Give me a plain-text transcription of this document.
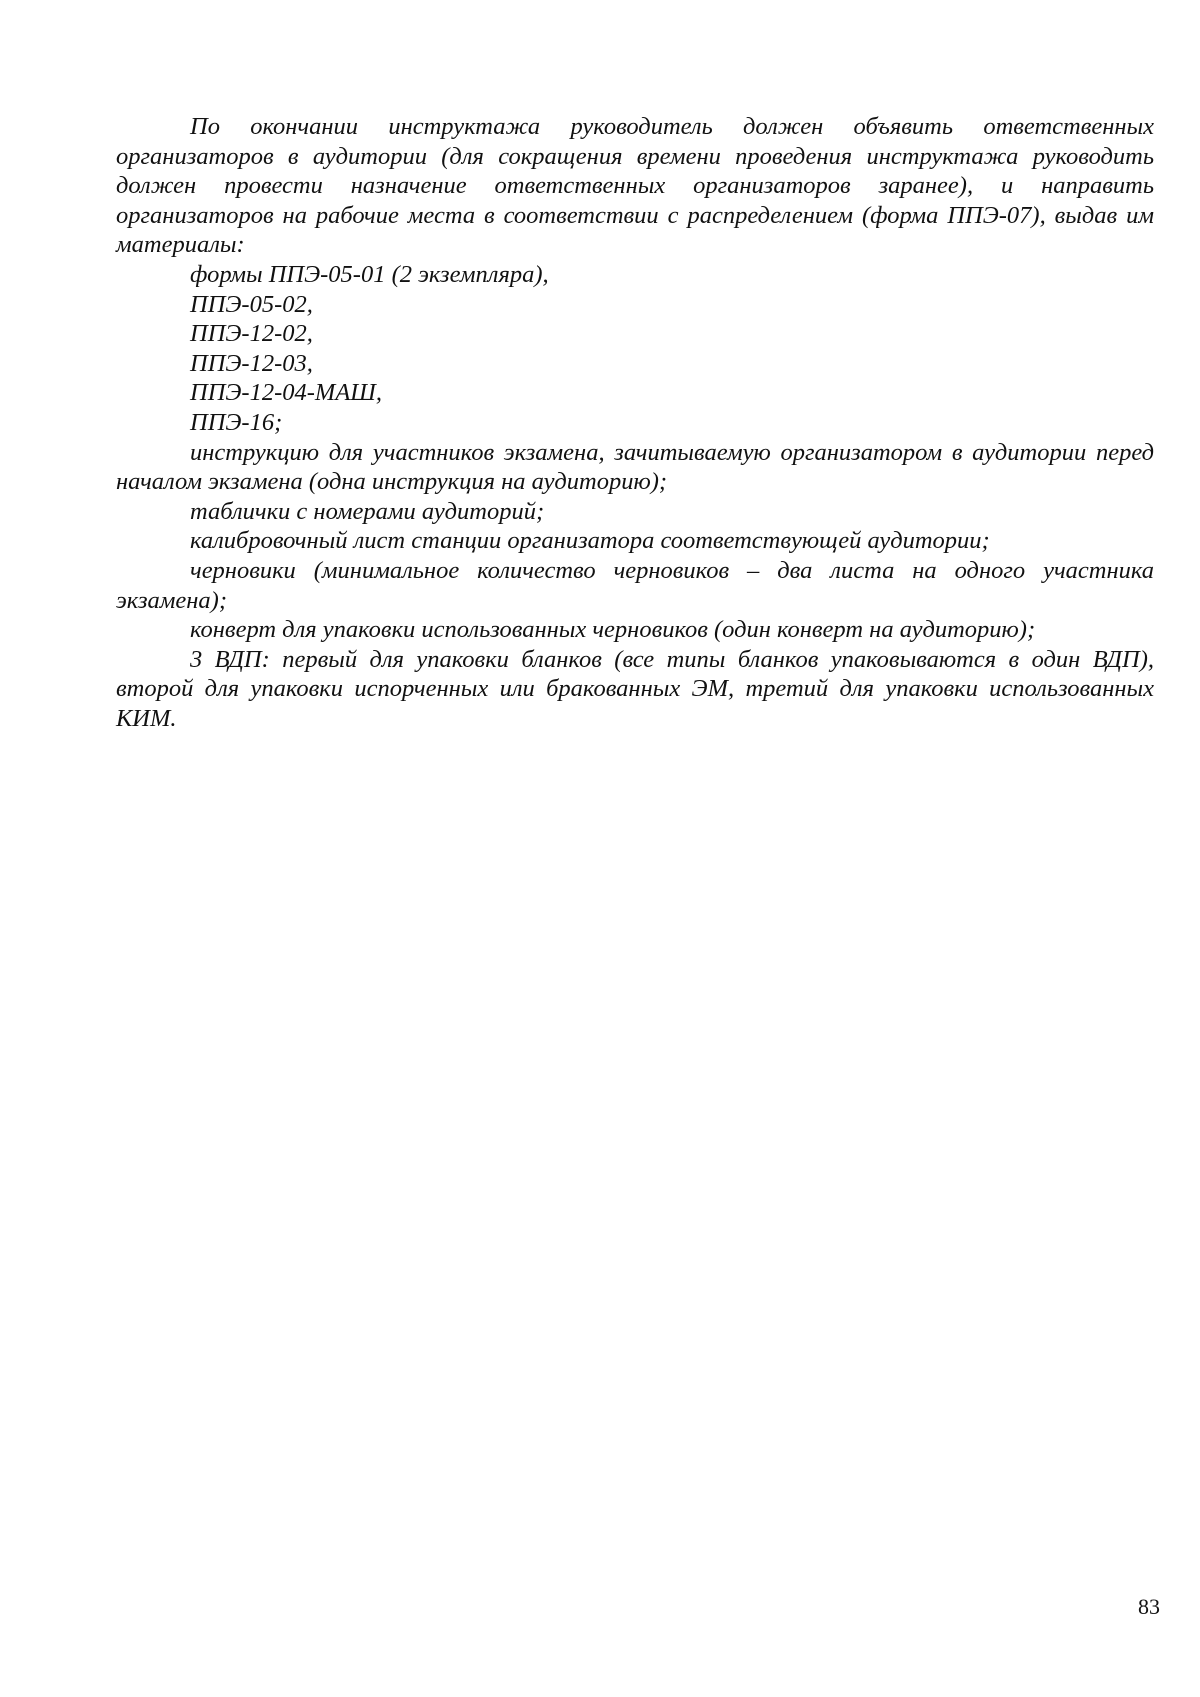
По окончании инструктажа руководитель должен объявить ответственных организаторов в аудитории (для сокращения времени проведения инструктажа руководить должен провести назначение ответственных организаторов заранее), и направить организаторов на рабочие места в соответствии с распределением (форма ППЭ-07), выдав им материалы:

формы ППЭ-05-01 (2 экземпляра),

ППЭ-05-02,

ППЭ-12-02,

ППЭ-12-03,

ППЭ-12-04-МАШ,

ППЭ-16;

инструкцию для участников экзамена, зачитываемую организатором в аудитории перед началом экзамена (одна инструкция на аудиторию);

таблички с номерами аудиторий;

калибровочный лист станции организатора соответствующей аудитории;

черновики (минимальное количество черновиков – два листа на одного участника экзамена);

конверт для упаковки использованных черновиков (один конверт на аудиторию);

3 ВДП: первый для упаковки бланков (все типы бланков упаковываются в один ВДП), второй для упаковки испорченных или бракованных ЭМ, третий для упаковки использованных КИМ.

83
